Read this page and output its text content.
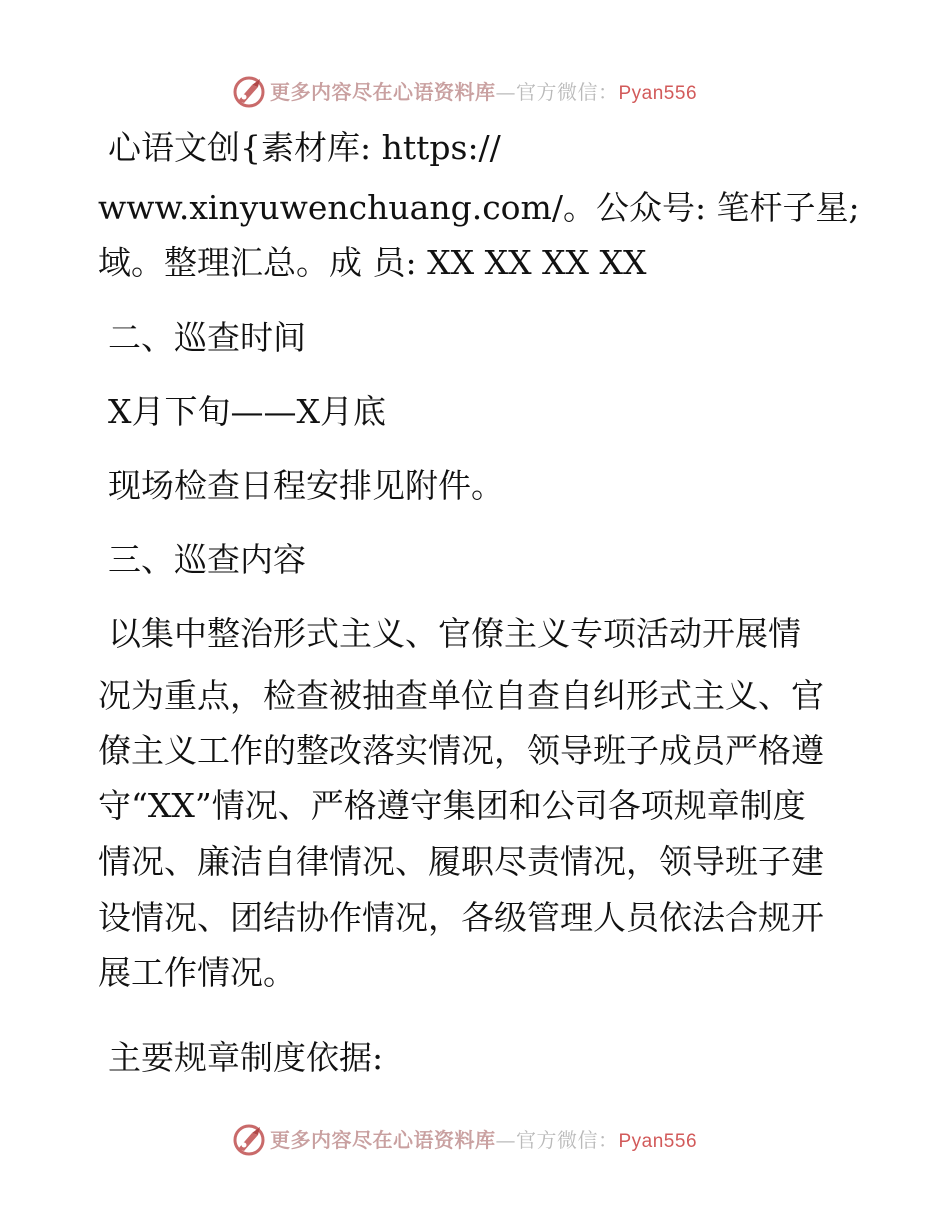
更多内容尽在心语资料库—官方微信：Pyan556
心语文创{素材库: https://
www.xinyuwenchuang.com/。公众号: 笔杆子星;
域。整理汇总。成 员: XX XX XX XX
二、巡查时间
X月下旬——X月底
现场检查日程安排见附件。
三、巡查内容
以集中整治形式主义、官僚主义专项活动开展情
况为重点，检查被抽查单位自查自纠形式主义、官
僚主义工作的整改落实情况，领导班子成员严格遵
守“XX”情况、严格遵守集团和公司各项规章制度
情况、廉洁自律情况、履职尽责情况，领导班子建
设情况、团结协作情况，各级管理人员依法合规开
展工作情况。
主要规章制度依据:
更多内容尽在心语资料库—官方微信：Pyan556
